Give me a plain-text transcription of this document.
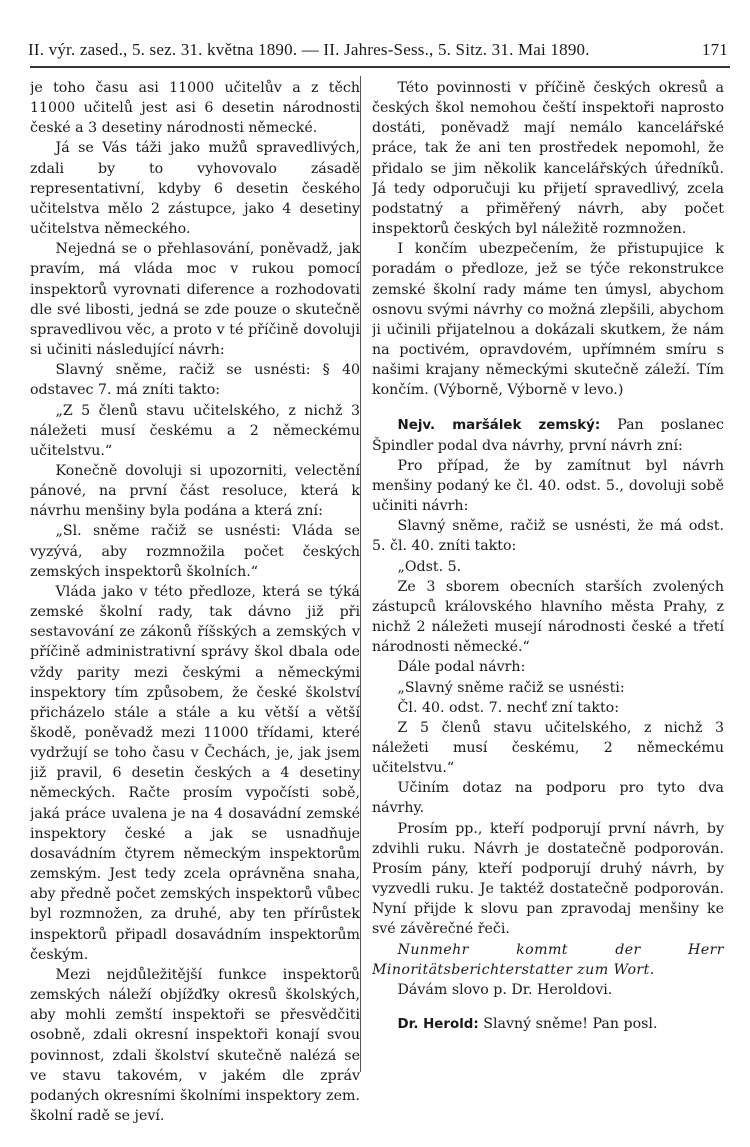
II. výr. zased., 5. sez. 31. května 1890. — II. Jahres-Sess., 5. Sitz. 31. Mai 1890.	171

je toho času asi 11000 učitelův a z těch 11000 učitelů jest asi 6 desetin národnosti české a 3 desetiny národnosti německé.

Já se Vás táži jako mužů spravedlivých, zdali by to vyhovovalo zásadě representativní, kdyby 6 desetin českého učitelstva mělo 2 zástupce, jako 4 desetiny učitelstva německého.

Nejedná se o přehlasování, poněvadž, jak pravím, má vláda moc v rukou pomocí inspektorů vyrovnati diference a rozhodovati dle své libosti, jedná se zde pouze o skutečně spravedlivou věc, a proto v té příčině dovoluji si učiniti následující návrh:

Slavný sněme, račiž se usnésti: § 40 odstavec 7. má zníti takto:

„Z 5 členů stavu učitelského, z nichž 3 náležeti musí českému a 2 německému učitelstvu.“

Konečně dovoluji si upozorniti, velectění pánové, na první část resoluce, která k návrhu menšiny byla podána a která zní:

„Sl. sněme račiž se usnésti: Vláda se vyzývá, aby rozmnožila počet českých zemských inspektorů školních.“

Vláda jako v této předloze, která se týká zemské školní rady, tak dávno již při sestavování ze zákonů říšských a zemských v příčině administrativní správy škol dbala ode vždy parity mezi českými a německými inspektory tím způsobem, že české školství přicházelo stále a stále a ku větší a větší škodě, poněvadž mezi 11000 třídami, které vydržují se toho času v Čechách, je, jak jsem již pravil, 6 desetin českých a 4 desetiny německých. Račte prosím vypočísti sobě, jaká práce uvalena je na 4 dosavádní zemské inspektory české a jak se usnadňuje dosavádním čtyrem německým inspektorům zemským. Jest tedy zcela oprávněna snaha, aby předně počet zemských inspektorů vůbec byl rozmnožen, za druhé, aby ten přírůstek inspektorů připadl dosavádním inspektorům českým.

Mezi nejdůležitější funkce inspektorů zemských náleží objížďky okresů školských, aby mohli zemští inspektoři se přesvědčiti osobně, zdali okresní inspektoři konají svou povinnost, zdali školství skutečně nalézá se ve stavu takovém, v jakém dle zpráv podaných okresními školními inspektory zem. školní radě se jeví.

Této povinnosti v příčině českých okresů a českých škol nemohou čeští inspektoři naprosto dostáti, poněvadž mají nemálo kancelářské práce, tak že ani ten prostředek nepomohl, že přidalo se jim několik kancelářských úředníků. Já tedy odporučuji ku přijetí spravedlivý, zcela podstatný a přiměřený návrh, aby počet inspektorů českých byl náležitě rozmnožen.

I končím ubezpečením, že přistupujice k poradám o předloze, jež se týče rekonstrukce zemské školní rady máme ten úmysl, abychom osnovu svými návrhy co možná zlepšili, abychom ji učinili přijatelnou a dokázali skutkem, že nám na poctivém, opravdovém, upřímném smíru s našimi krajany německými skutečně záleží. Tím končím. (Výborně, Výborně v levo.)

Nejv. maršálek zemský: Pan poslanec Špindler podal dva návrhy, první návrh zní:

Pro případ, že by zamítnut byl návrh menšiny podaný ke čl. 40. odst. 5., dovoluji sobě učiniti návrh:

Slavný sněme, račiž se usnésti, že má odst. 5. čl. 40. zníti takto:

„Odst. 5.

Ze 3 sborem obecních starších zvolených zástupců královského hlavního města Prahy, z nichž 2 náležeti musejí národnosti české a třetí národnosti německé.“

Dále podal návrh:

„Slavný sněme račiž se usnésti:

Čl. 40. odst. 7. nechť zní takto:

Z 5 členů stavu učitelského, z nichž 3 náležeti musí českému, 2 německému učitelstvu.“

Učiním dotaz na podporu pro tyto dva návrhy.

Prosím pp., kteří podporují první návrh, by zdvihli ruku. Návrh je dostatečně podporován. Prosím pány, kteří podporují druhý návrh, by vyzvedli ruku. Je taktéž dostatečně podporován. Nyní přijde k slovu pan zpravodaj menšiny ke své závěrečné řeči.

Nunmehr kommt der Herr Minoritätsberichterstatter zum Wort.

Dávám slovo p. Dr. Heroldovi.

Dr. Herold: Slavný sněme! Pan posl.
